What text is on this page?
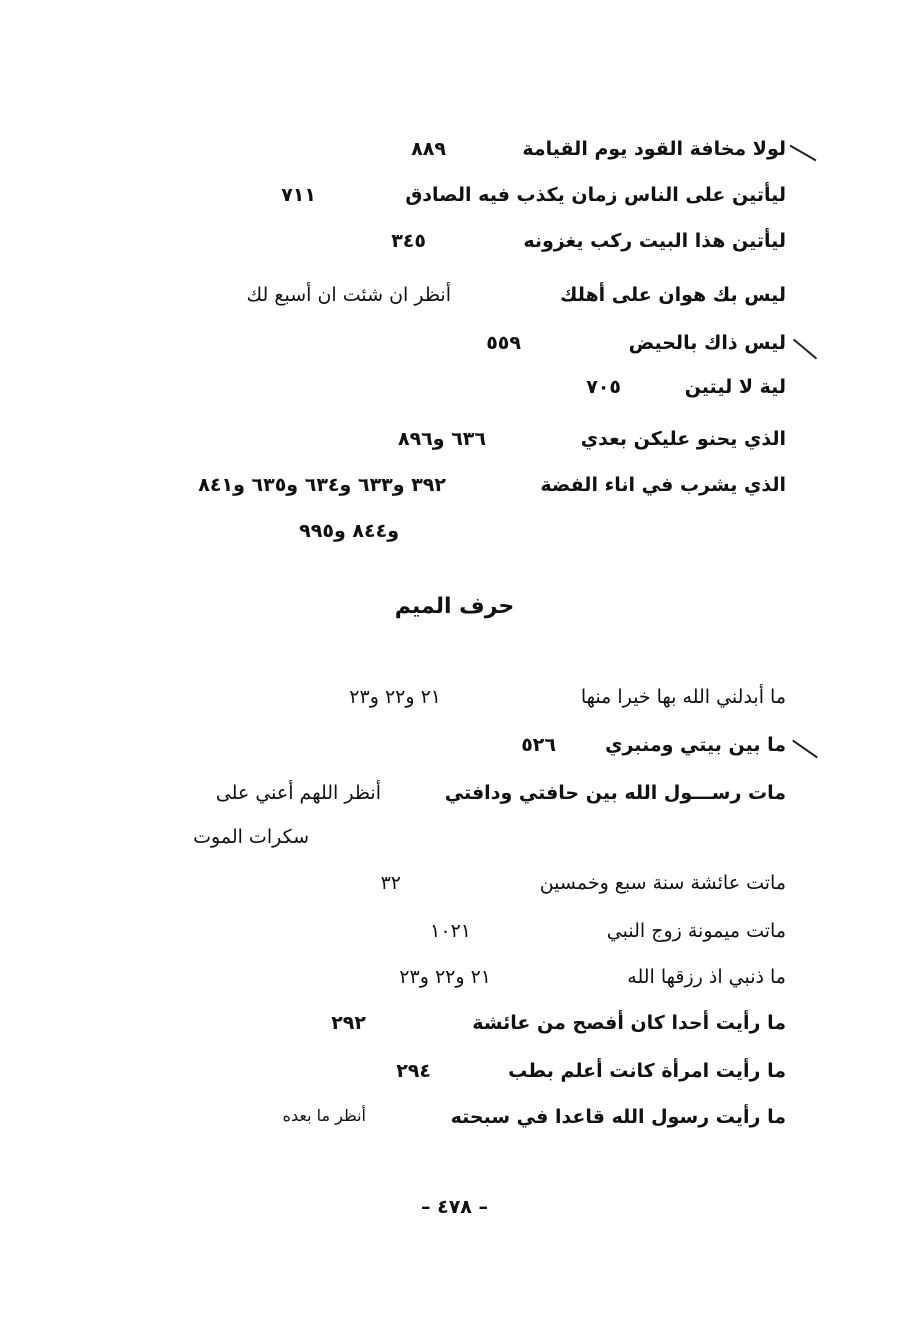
لولا مخافة القود يوم القيامة
٨٨٩
ليأتين على الناس زمان يكذب فيه الصادق
٧١١
ليأتين هذا البيت ركب يغزونه
٣٤٥
ليس بك هوان على أهلك
أنظر ان شئت ان أسبع لك
ليس ذاك بالحيض
٥٥٩
لية لا ليتين
٧٠٥
الذي يحنو عليكن بعدي
٦٣٦ و٨٩٦
الذي يشرب في اناء الفضة
٣٩٢ و٦٣٣ و٦٣٤ و٦٣٥ و٨٤١
و٨٤٤ و٩٩٥
حرف الميم
ما أبدلني الله بها خيرا منها
٢١ و٢٢ و٢٣
ما بين بيتي ومنبري
٥٢٦
مات رســـول الله بين حافتي ودافتي
أنظر اللهم أعني على
سكرات الموت
ماتت عائشة سنة سبع وخمسين
٣٢
ماتت ميمونة زوج النبي
١٠٢١
ما ذنبي اذ رزقها الله
٢١ و٢٢ و٢٣
ما رأيت أحدا كان أفصح من عائشة
٢٩٢
ما رأيت امرأة كانت أعلم بطب
٢٩٤
ما رأيت رسول الله قاعدا في سبحته
أنظر ما بعده
– ٤٧٨ –
